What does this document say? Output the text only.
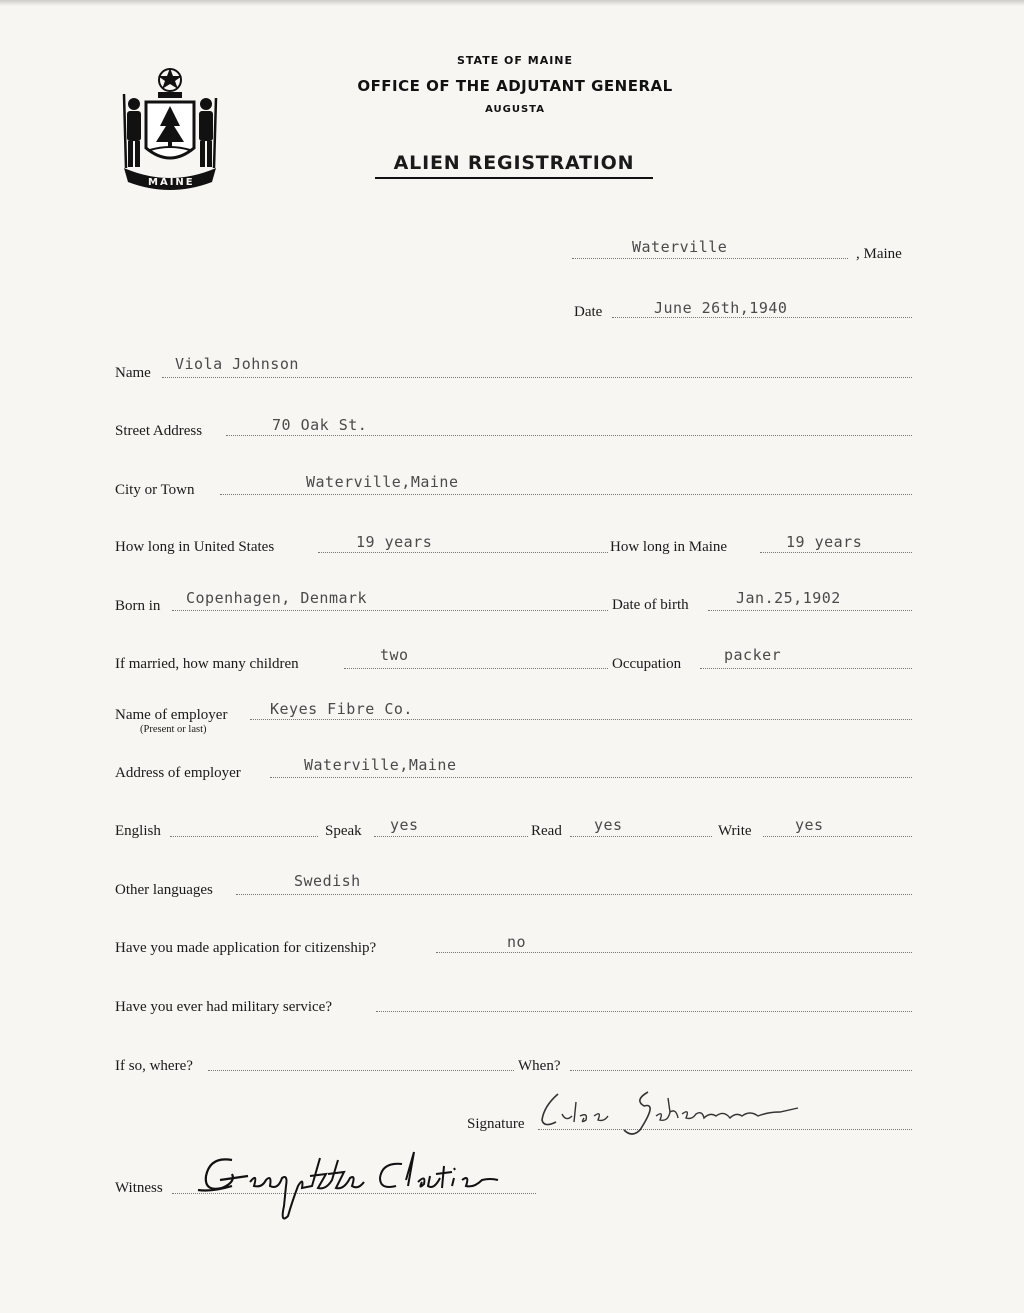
MAINE
STATE OF MAINE
OFFICE OF THE ADJUTANT GENERAL
AUGUSTA
ALIEN REGISTRATION
Waterville	, Maine
Date	June 26th,1940
Name Viola Johnson
Street Address	70 Oak St.
City or Town	Waterville,Maine
How long in United States	19 years	How long in Maine	19 years
Born in Copenhagen, Denmark	Date of birth	Jan.25,1902
If married, how many children	two	Occupation	packer
Name of employer
(Present or last)
Keyes Fibre Co.
Address of employer	Waterville,Maine
English	Speak yes	Read yes	Write	yes
Other languages	Swedish
Have you made application for citizenship?	no
Have you ever had military service?
If so, where?	When?
Signature
Witness
